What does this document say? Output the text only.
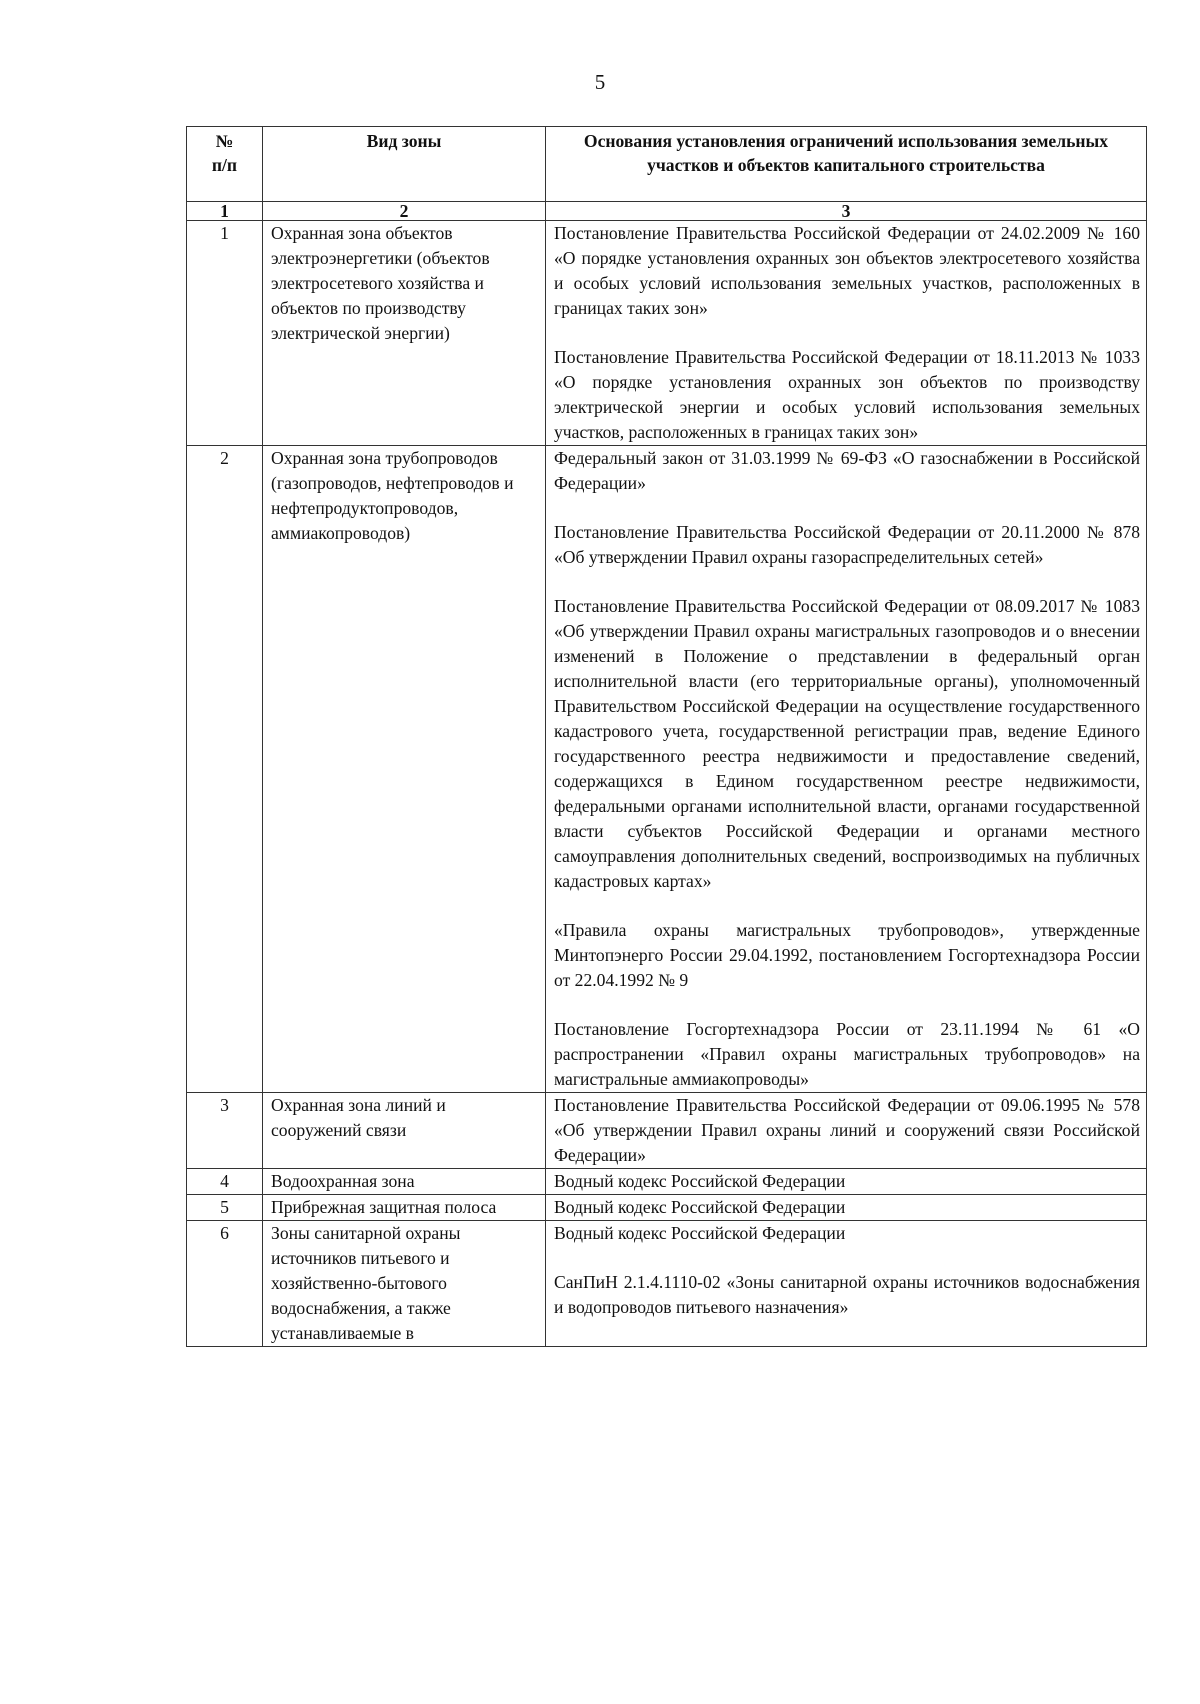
5
№
п/п	Вид зоны	Основания установления ограничений использования земельных участков и объектов капитального строительства
1	2	3
1	Охранная зона объектов электроэнергетики (объектов электросетевого хозяйства и объектов по производству электрической энергии)	Постановление Правительства Российской Федерации от 24.02.2009 № 160 «О порядке установления охранных зон объектов электросетевого хозяйства и особых условий использования земельных участков, расположенных в границах таких зон»

Постановление Правительства Российской Федерации от 18.11.2013 № 1033 «О порядке установления охранных зон объектов по производству электрической энергии и особых условий использования земельных участков, расположенных в границах таких зон»

2	Охранная зона трубопроводов (газопроводов, нефтепроводов и нефтепродуктопроводов, аммиакопроводов)	Федеральный закон от 31.03.1999 № 69-ФЗ «О газоснабжении в Российской Федерации»

Постановление Правительства Российской Федерации от 20.11.2000 № 878 «Об утверждении Правил охраны газораспределительных сетей»

Постановление Правительства Российской Федерации от 08.09.2017 № 1083 «Об утверждении Правил охраны магистральных газопроводов и о внесении изменений в Положение о представлении в федеральный орган исполнительной власти (его территориальные органы), уполномоченный Правительством Российской Федерации на осуществление государственного кадастрового учета, государственной регистрации прав, ведение Единого государственного реестра недвижимости и предоставление сведений, содержащихся в Едином государственном реестре недвижимости, федеральными органами исполнительной власти, органами государственной власти субъектов Российской Федерации и органами местного самоуправления дополнительных сведений, воспроизводимых на публичных кадастровых картах»

«Правила охраны магистральных трубопроводов», утвержденные Минтопэнерго России 29.04.1992, постановлением Госгортехнадзора России от 22.04.1992 № 9

Постановление Госгортехнадзора России от 23.11.1994 № 61 «О распространении «Правил охраны магистральных трубопроводов» на магистральные аммиакопроводы»

3	Охранная зона линий и сооружений связи	Постановление Правительства Российской Федерации от 09.06.1995 № 578 «Об утверждении Правил охраны линий и сооружений связи Российской Федерации»

4	Водоохранная зона	Водный кодекс Российской Федерации

5	Прибрежная защитная полоса	Водный кодекс Российской Федерации

6	Зоны санитарной охраны источников питьевого и хозяйственно-бытового водоснабжения, а также устанавливаемые в	Водный кодекс Российской Федерации

СанПиН 2.1.4.1110-02 «Зоны санитарной охраны источников водоснабжения и водопроводов питьевого назначения»
